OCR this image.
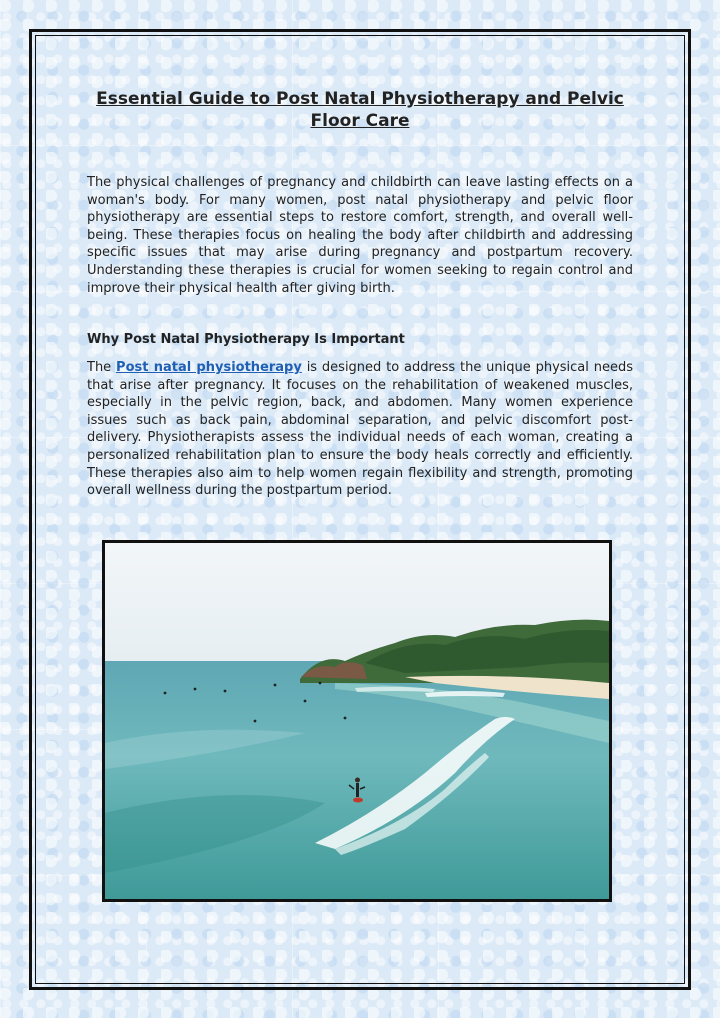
Essential Guide to Post Natal Physiotherapy and Pelvic Floor Care
The physical challenges of pregnancy and childbirth can leave lasting effects on a woman's body. For many women, post natal physiotherapy and pelvic floor physiotherapy are essential steps to restore comfort, strength, and overall well-being. These therapies focus on healing the body after childbirth and addressing specific issues that may arise during pregnancy and postpartum recovery. Understanding these therapies is crucial for women seeking to regain control and improve their physical health after giving birth.
Why Post Natal Physiotherapy Is Important
The Post natal physiotherapy is designed to address the unique physical needs that arise after pregnancy. It focuses on the rehabilitation of weakened muscles, especially in the pelvic region, back, and abdomen. Many women experience issues such as back pain, abdominal separation, and pelvic discomfort post-delivery. Physiotherapists assess the individual needs of each woman, creating a personalized rehabilitation plan to ensure the body heals correctly and efficiently. These therapies also aim to help women regain flexibility and strength, promoting overall wellness during the postpartum period.
